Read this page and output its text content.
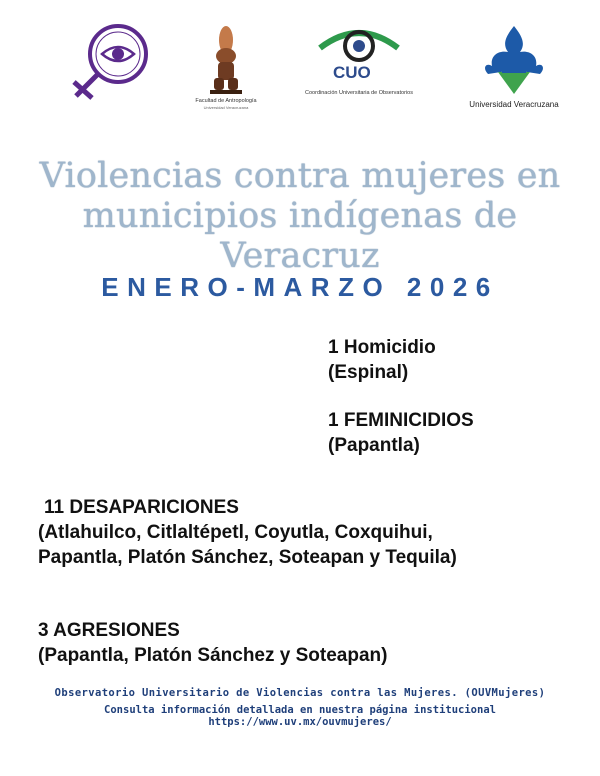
Facultad de Antropología
Universidad Veracruzana
CUO
Coordinación Universitaria de Observatorios
Universidad Veracruzana
Violencias contra mujeres en
municipios indígenas de Veracruz
ENERO-MARZO 2026
1 Homicidio
(Espinal)
1 FEMINICIDIOS
(Papantla)
11 DESAPARICIONES
(Atlahuilco, Citlaltépetl, Coyutla, Coxquihui,
Papantla, Platón Sánchez, Soteapan y Tequila)
3 AGRESIONES
(Papantla, Platón Sánchez y Soteapan)
Observatorio Universitario de Violencias contra las Mujeres. (OUVMujeres)
Consulta información detallada en nuestra página institucional
https://www.uv.mx/ouvmujeres/
